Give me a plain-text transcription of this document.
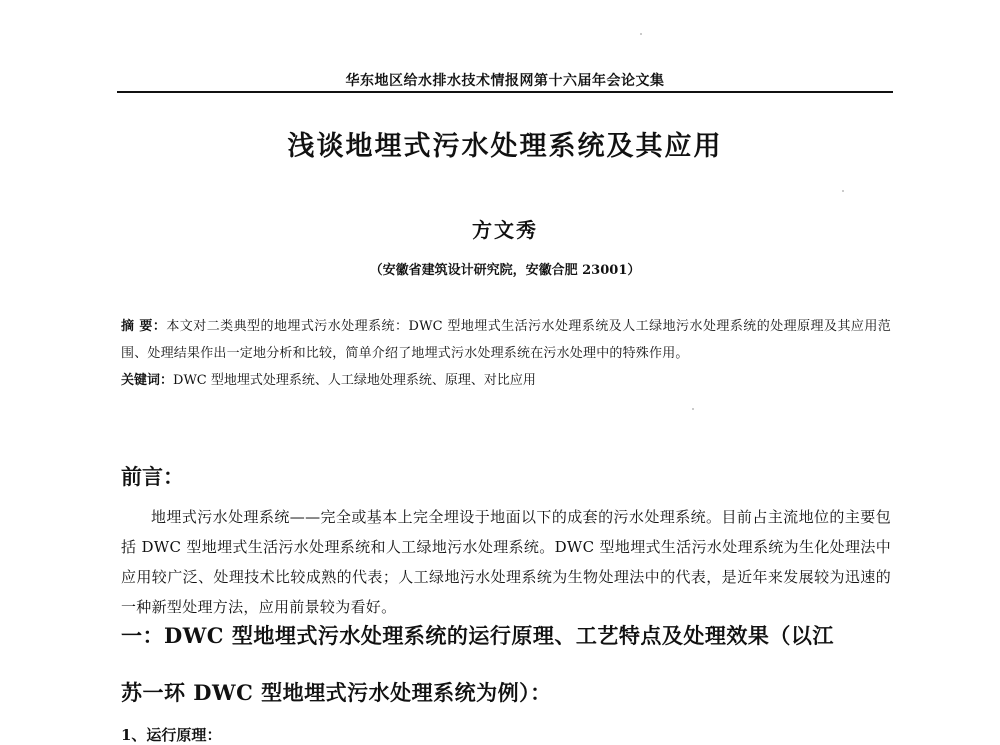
华东地区给水排水技术情报网第十六届年会论文集
浅谈地埋式污水处理系统及其应用
方文秀
（安徽省建筑设计研究院，安徽合肥 23001）
摘 要：本文对二类典型的地埋式污水处理系统：DWC 型地埋式生活污水处理系统及人工绿地污水处理系统的处理原理及其应用范围、处理结果作出一定地分析和比较，简单介绍了地埋式污水处理系统在污水处理中的特殊作用。
关键词：DWC 型地埋式处理系统、人工绿地处理系统、原理、对比应用
前言：
地埋式污水处理系统——完全或基本上完全埋设于地面以下的成套的污水处理系统。目前占主流地位的主要包括 DWC 型地埋式生活污水处理系统和人工绿地污水处理系统。DWC 型地埋式生活污水处理系统为生化处理法中应用较广泛、处理技术比较成熟的代表；人工绿地污水处理系统为生物处理法中的代表，是近年来发展较为迅速的一种新型处理方法，应用前景较为看好。
一：DWC 型地埋式污水处理系统的运行原理、工艺特点及处理效果（以江
苏一环 DWC 型地埋式污水处理系统为例）：
1、运行原理：
